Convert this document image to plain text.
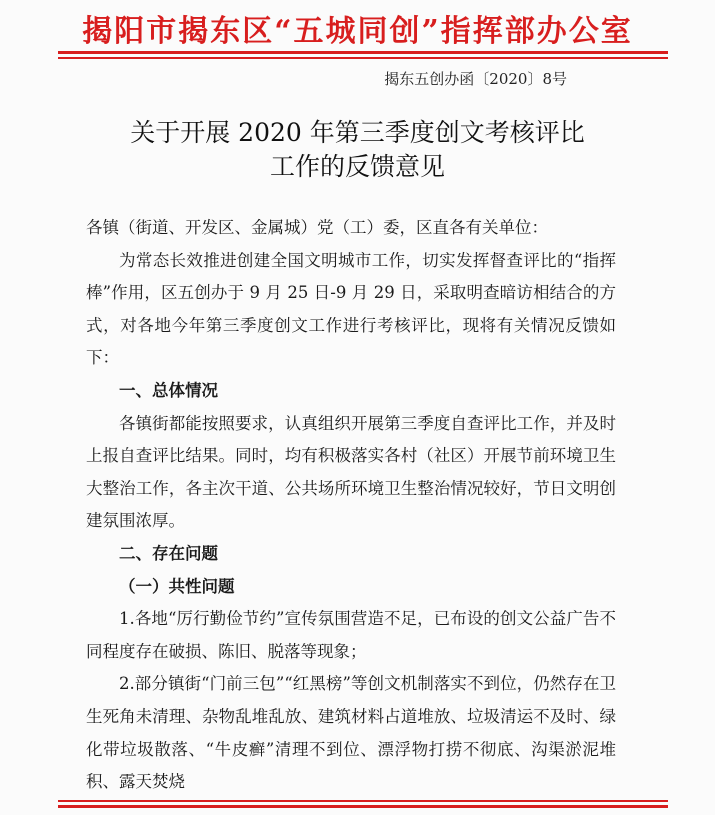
揭阳市揭东区“五城同创”指挥部办公室
揭东五创办函〔2020〕8号
关于开展 2020 年第三季度创文考核评比
工作的反馈意见

各镇（街道、开发区、金属城）党（工）委，区直各有关单位：

为常态长效推进创建全国文明城市工作，切实发挥督查评比的“指挥棒”作用，区五创办于 9 月 25 日-9 月 29 日，采取明查暗访相结合的方式，对各地今年第三季度创文工作进行考核评比，现将有关情况反馈如下：

一、总体情况

各镇街都能按照要求，认真组织开展第三季度自查评比工作，并及时上报自查评比结果。同时，均有积极落实各村（社区）开展节前环境卫生大整治工作，各主次干道、公共场所环境卫生整治情况较好，节日文明创建氛围浓厚。

二、存在问题

（一）共性问题

1.各地“厉行勤俭节约”宣传氛围营造不足，已布设的创文公益广告不同程度存在破损、陈旧、脱落等现象；

2.部分镇街“门前三包”“红黑榜”等创文机制落实不到位，仍然存在卫生死角未清理、杂物乱堆乱放、建筑材料占道堆放、垃圾清运不及时、绿化带垃圾散落、“牛皮癣”清理不到位、漂浮物打捞不彻底、沟渠淤泥堆积、露天焚烧
